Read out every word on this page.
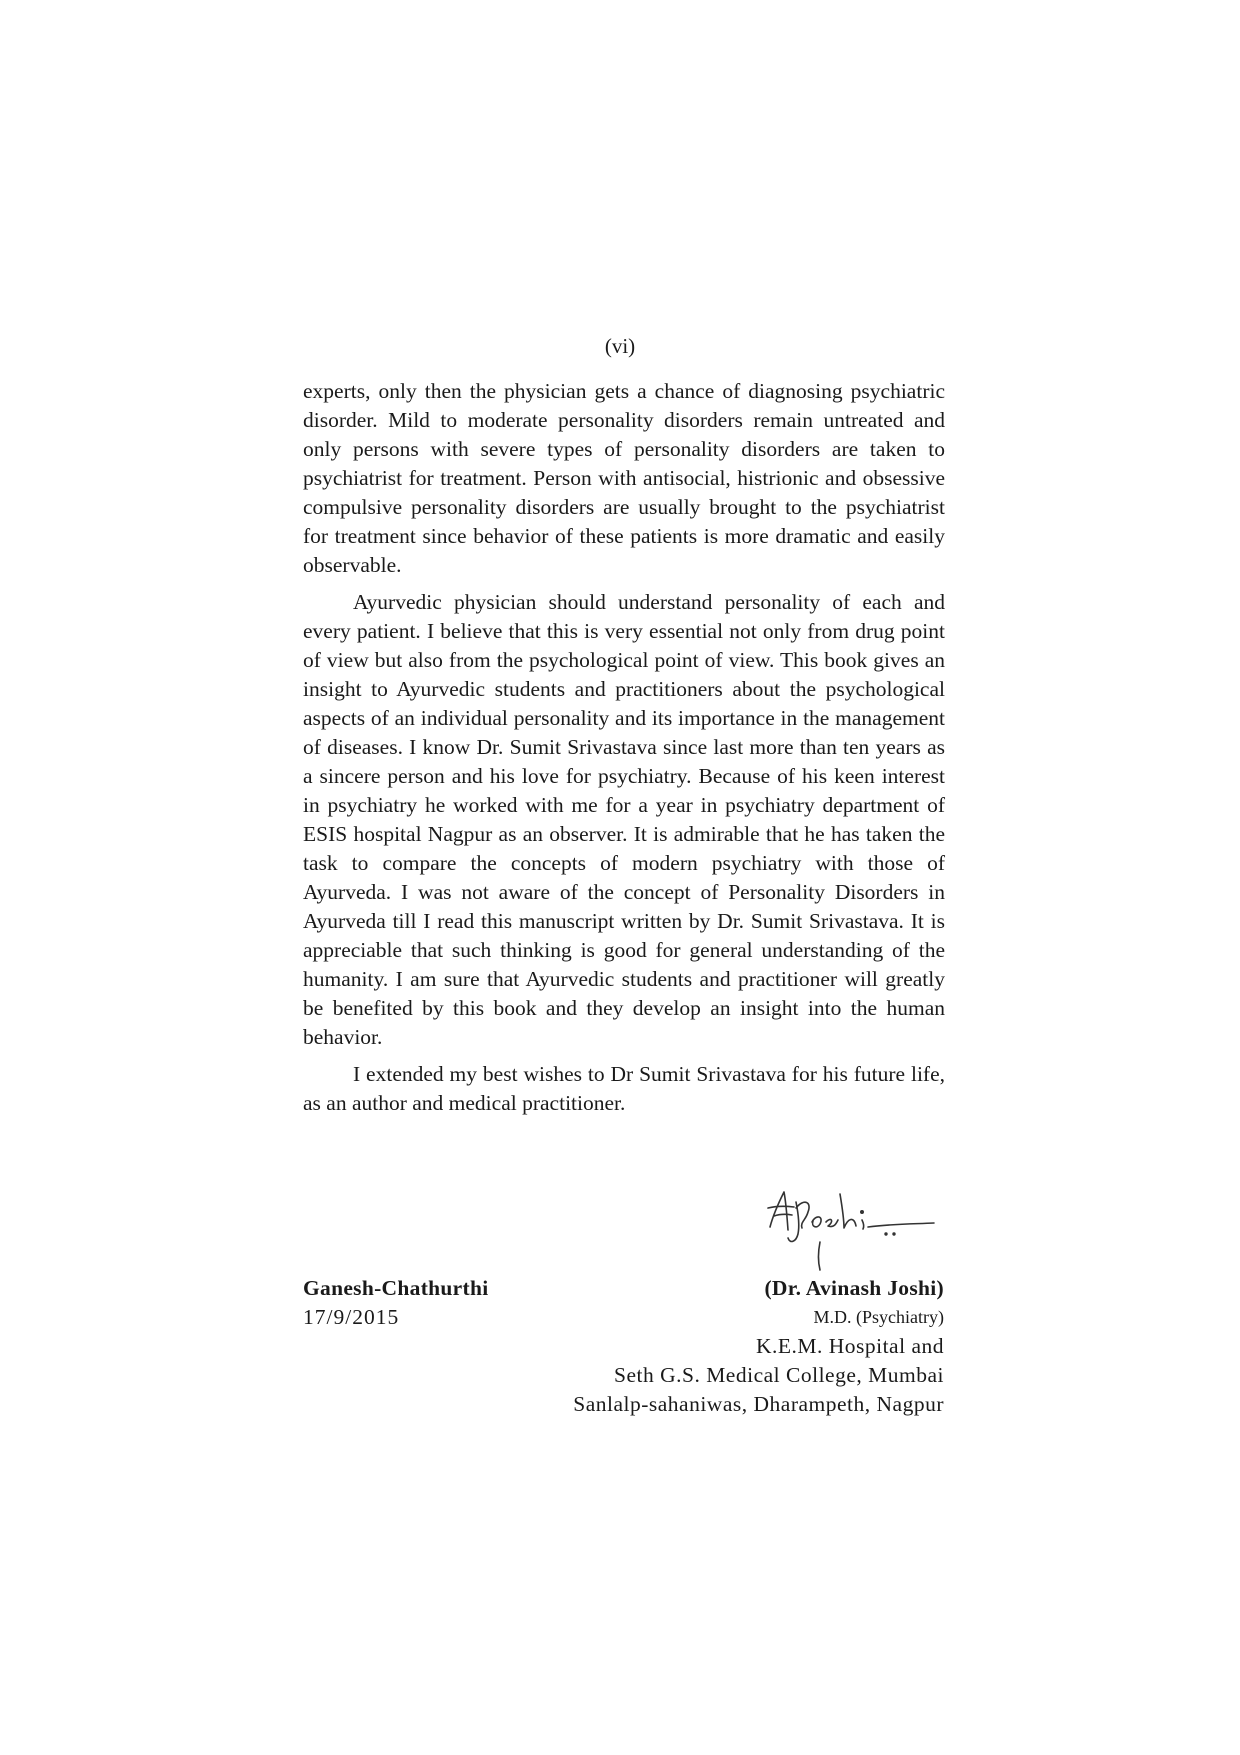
(vi)

experts, only then the physician gets a chance of diagnosing psychiatric disorder. Mild to moderate personality disorders remain untreated and only persons with severe types of personality disorders are taken to psychiatrist for treatment. Person with antisocial, histrionic and obsessive compulsive personality disorders are usually brought to the psychiatrist for treatment since behavior of these patients is more dramatic and easily observable.

Ayurvedic physician should understand personality of each and every patient. I believe that this is very essential not only from drug point of view but also from the psychological point of view. This book gives an insight to Ayurvedic students and practitioners about the psychological aspects of an individual personality and its importance in the management of diseases. I know Dr. Sumit Srivastava since last more than ten years as a sincere person and his love for psychiatry. Because of his keen interest in psychiatry he worked with me for a year in psychiatry department of ESIS hospital Nagpur as an observer. It is admirable that he has taken the task to compare the concepts of modern psychiatry with those of Ayurveda. I was not aware of the concept of Personality Disorders in Ayurveda till I read this manuscript written by Dr. Sumit Srivastava. It is appreciable that such thinking is good for general understanding of the humanity. I am sure that Ayurvedic students and practitioner will greatly be benefited by this book and they develop an insight into the human behavior.

I extended my best wishes to Dr Sumit Srivastava for his future life, as an author and medical practitioner.

Ganesh-Chathurthi
17/9/2015
(Dr. Avinash Joshi)
M.D. (Psychiatry)
K.E.M. Hospital and
Seth G.S. Medical College, Mumbai
Sanlalp-sahaniwas, Dharampeth, Nagpur
